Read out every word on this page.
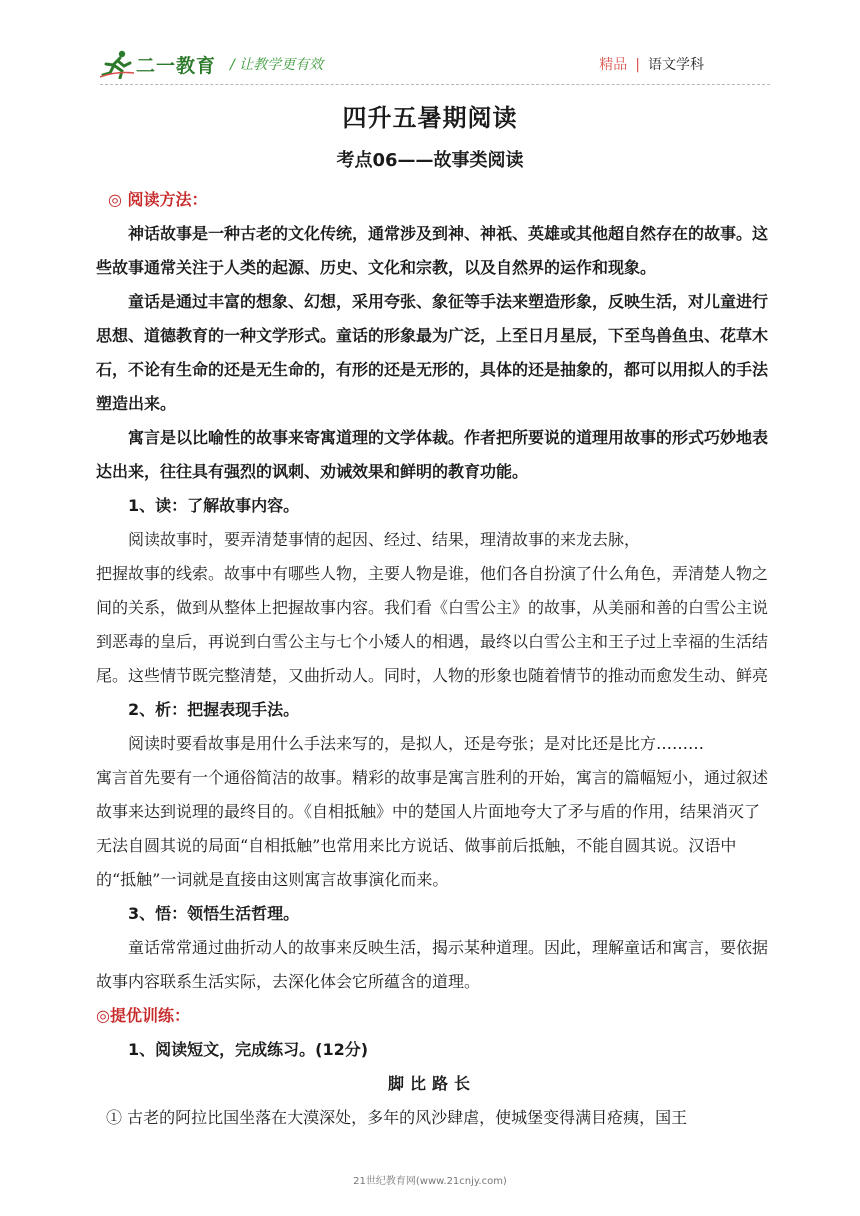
二一教育 / 让教学更有效	精品 | 语文学科
四升五暑期阅读
考点06——故事类阅读

◎ 阅读方法：

神话故事是一种古老的文化传统，通常涉及到神、神祇、英雄或其他超自然存在的故事。这些故事通常关注于人类的起源、历史、文化和宗教，以及自然界的运作和现象。

童话是通过丰富的想象、幻想，采用夸张、象征等手法来塑造形象，反映生活，对儿童进行思想、道德教育的一种文学形式。童话的形象最为广泛，上至日月星辰，下至鸟兽鱼虫、花草木石，不论有生命的还是无生命的，有形的还是无形的，具体的还是抽象的，都可以用拟人的手法塑造出来。

寓言是以比喻性的故事来寄寓道理的文学体裁。作者把所要说的道理用故事的形式巧妙地表达出来，往往具有强烈的讽刺、劝诫效果和鲜明的教育功能。

1、读：了解故事内容。

阅读故事时，要弄清楚事情的起因、经过、结果，理清故事的来龙去脉，

把握故事的线索。故事中有哪些人物，主要人物是谁，他们各自扮演了什么角色，弄清楚人物之间的关系，做到从整体上把握故事内容。我们看《白雪公主》的故事，从美丽和善的白雪公主说到恶毒的皇后，再说到白雪公主与七个小矮人的相遇，最终以白雪公主和王子过上幸福的生活结尾。这些情节既完整清楚，又曲折动人。同时，人物的形象也随着情节的推动而愈发生动、鲜亮

2、析：把握表现手法。

阅读时要看故事是用什么手法来写的，是拟人，还是夸张；是对比还是比方………

寓言首先要有一个通俗简洁的故事。精彩的故事是寓言胜利的开始，寓言的篇幅短小，通过叙述故事来达到说理的最终目的。《自相抵触》中的楚国人片面地夸大了矛与盾的作用，结果消灭了无法自圆其说的局面“自相抵触”也常用来比方说话、做事前后抵触，不能自圆其说。汉语中的“抵触”一词就是直接由这则寓言故事演化而来。

3、悟：领悟生活哲理。

童话常常通过曲折动人的故事来反映生活，揭示某种道理。因此，理解童话和寓言，要依据故事内容联系生活实际，去深化体会它所蕴含的道理。

◎提优训练：

1、阅读短文，完成练习。(12分)

脚比路长

① 古老的阿拉比国坐落在大漠深处，多年的风沙肆虐，使城堡变得满目疮痍，国王

21世纪教育网(www.21cnjy.com)
